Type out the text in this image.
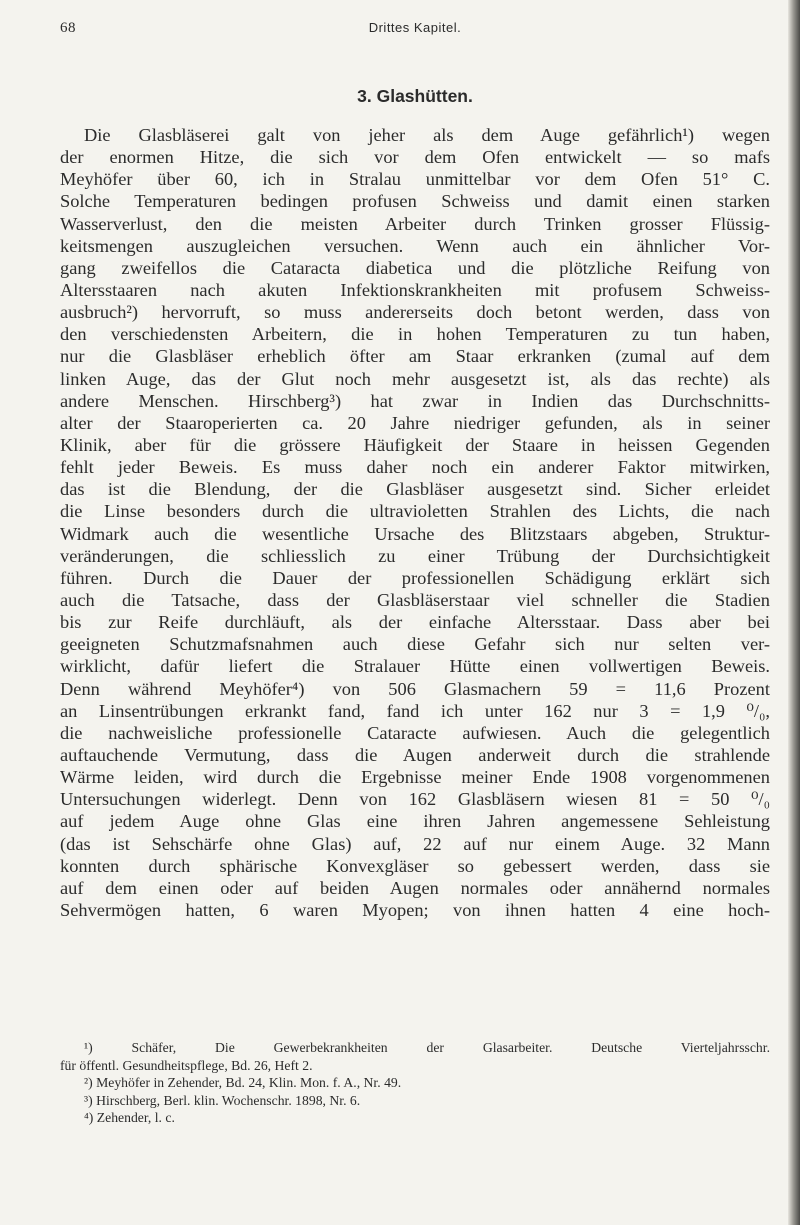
68	Drittes Kapitel.
3. Glashütten.
Die Glasbläserei galt von jeher als dem Auge gefährlich¹) wegen
der enormen Hitze, die sich vor dem Ofen entwickelt — so mafs
Meyhöfer über 60, ich in Stralau unmittelbar vor dem Ofen 51° C.
Solche Temperaturen bedingen profusen Schweiss und damit einen starken
Wasserverlust, den die meisten Arbeiter durch Trinken grosser Flüssig-
keitsmengen auszugleichen versuchen. Wenn auch ein ähnlicher Vor-
gang zweifellos die Cataracta diabetica und die plötzliche Reifung von
Altersstaaren nach akuten Infektionskrankheiten mit profusem Schweiss-
ausbruch²) hervorruft, so muss andererseits doch betont werden, dass von
den verschiedensten Arbeitern, die in hohen Temperaturen zu tun haben,
nur die Glasbläser erheblich öfter am Staar erkranken (zumal auf dem
linken Auge, das der Glut noch mehr ausgesetzt ist, als das rechte) als
andere Menschen. Hirschberg³) hat zwar in Indien das Durchschnitts-
alter der Staaroperierten ca. 20 Jahre niedriger gefunden, als in seiner
Klinik, aber für die grössere Häufigkeit der Staare in heissen Gegenden
fehlt jeder Beweis. Es muss daher noch ein anderer Faktor mitwirken,
das ist die Blendung, der die Glasbläser ausgesetzt sind. Sicher erleidet
die Linse besonders durch die ultravioletten Strahlen des Lichts, die nach
Widmark auch die wesentliche Ursache des Blitzstaars abgeben, Struktur-
veränderungen, die schliesslich zu einer Trübung der Durchsichtigkeit
führen. Durch die Dauer der professionellen Schädigung erklärt sich
auch die Tatsache, dass der Glasbläserstaar viel schneller die Stadien
bis zur Reife durchläuft, als der einfache Altersstaar. Dass aber bei
geeigneten Schutzmafsnahmen auch diese Gefahr sich nur selten ver-
wirklicht, dafür liefert die Stralauer Hütte einen vollwertigen Beweis.
Denn während Meyhöfer⁴) von 506 Glasmachern 59 = 11,6 Prozent
an Linsentrübungen erkrankt fand, fand ich unter 162 nur 3 = 1,9 ⁰/₀,
die nachweisliche professionelle Cataracte aufwiesen. Auch die gelegentlich
auftauchende Vermutung, dass die Augen anderweit durch die strahlende
Wärme leiden, wird durch die Ergebnisse meiner Ende 1908 vorgenommenen
Untersuchungen widerlegt. Denn von 162 Glasbläsern wiesen 81 = 50 ⁰/₀
auf jedem Auge ohne Glas eine ihren Jahren angemessene Sehleistung
(das ist Sehschärfe ohne Glas) auf, 22 auf nur einem Auge. 32 Mann
konnten durch sphärische Konvexgläser so gebessert werden, dass sie
auf dem einen oder auf beiden Augen normales oder annähernd normales
Sehvermögen hatten, 6 waren Myopen; von ihnen hatten 4 eine hoch-
¹) Schäfer, Die Gewerbekrankheiten der Glasarbeiter. Deutsche Vierteljahrsschr.
für öffentl. Gesundheitspflege, Bd. 26, Heft 2.
²) Meyhöfer in Zehender, Bd. 24, Klin. Mon. f. A., Nr. 49.
³) Hirschberg, Berl. klin. Wochenschr. 1898, Nr. 6.
⁴) Zehender, l. c.
